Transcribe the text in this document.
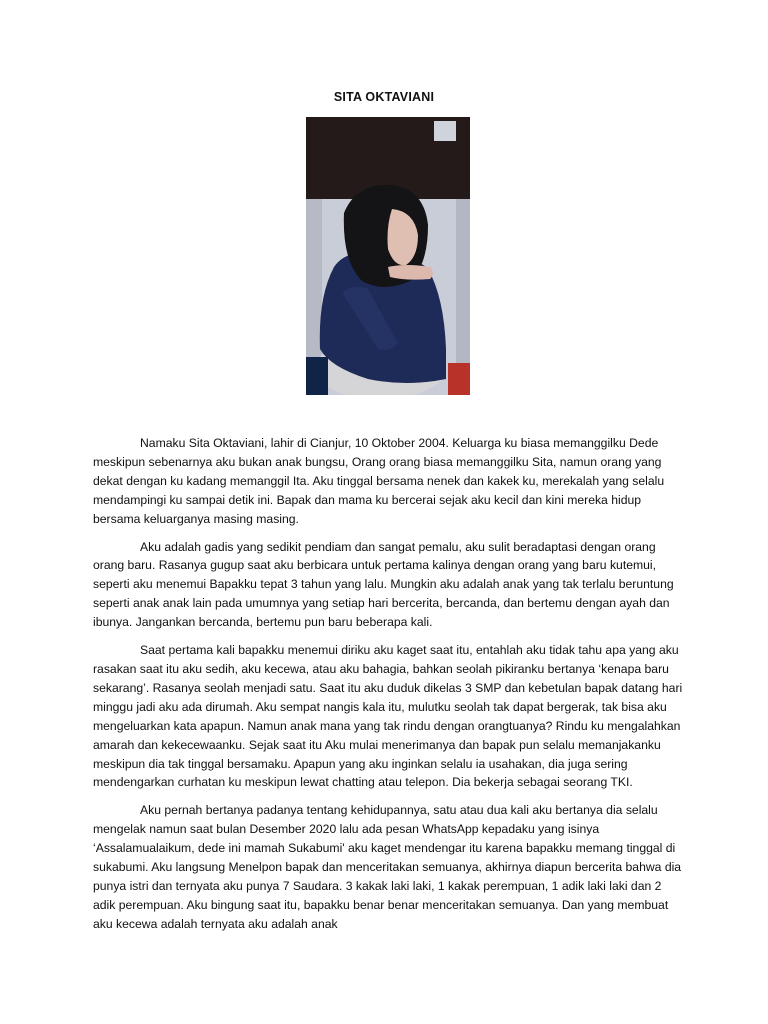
SITA OKTAVIANI

Namaku Sita Oktaviani, lahir di Cianjur, 10 Oktober 2004. Keluarga ku biasa memanggilku Dede meskipun sebenarnya aku bukan anak bungsu, Orang orang biasa memanggilku Sita, namun orang yang dekat dengan ku kadang memanggil Ita. Aku tinggal bersama nenek dan kakek ku, merekalah yang selalu mendampingi ku sampai detik ini. Bapak dan mama ku bercerai sejak aku kecil dan kini mereka hidup bersama keluarganya masing masing.

Aku adalah gadis yang sedikit pendiam dan sangat pemalu, aku sulit beradaptasi dengan orang orang baru. Rasanya gugup saat aku berbicara untuk pertama kalinya dengan orang yang baru kutemui, seperti aku menemui Bapakku tepat 3 tahun yang lalu. Mungkin aku adalah anak yang tak terlalu beruntung seperti anak anak lain pada umumnya yang setiap hari bercerita, bercanda, dan bertemu dengan ayah dan ibunya. Jangankan bercanda, bertemu pun baru beberapa kali.

Saat pertama kali bapakku menemui diriku aku kaget saat itu, entahlah aku tidak tahu apa yang aku rasakan saat itu aku sedih, aku kecewa, atau aku bahagia, bahkan seolah pikiranku bertanya ‘kenapa baru sekarang’. Rasanya seolah menjadi satu. Saat itu aku duduk dikelas 3 SMP dan kebetulan bapak datang hari minggu jadi aku ada dirumah. Aku sempat nangis kala itu, mulutku seolah tak dapat bergerak, tak bisa aku mengeluarkan kata apapun. Namun anak mana yang tak rindu dengan orangtuanya? Rindu ku mengalahkan amarah dan kekecewaanku. Sejak saat itu Aku mulai menerimanya dan bapak pun selalu memanjakanku meskipun dia tak tinggal bersamaku. Apapun yang aku inginkan selalu ia usahakan, dia juga sering mendengarkan curhatan ku meskipun lewat chatting atau telepon. Dia bekerja sebagai seorang TKI.

Aku pernah bertanya padanya tentang kehidupannya, satu atau dua kali aku bertanya dia selalu mengelak namun saat bulan Desember 2020 lalu ada pesan WhatsApp kepadaku yang isinya ‘Assalamualaikum, dede ini mamah Sukabumi' aku kaget mendengar itu karena bapakku memang tinggal di sukabumi. Aku langsung Menelpon bapak dan menceritakan semuanya, akhirnya diapun bercerita bahwa dia punya istri dan ternyata aku punya 7 Saudara. 3 kakak laki laki, 1 kakak perempuan, 1 adik laki laki dan 2 adik perempuan. Aku bingung saat itu, bapakku benar benar menceritakan semuanya. Dan yang membuat aku kecewa adalah ternyata aku adalah anak
